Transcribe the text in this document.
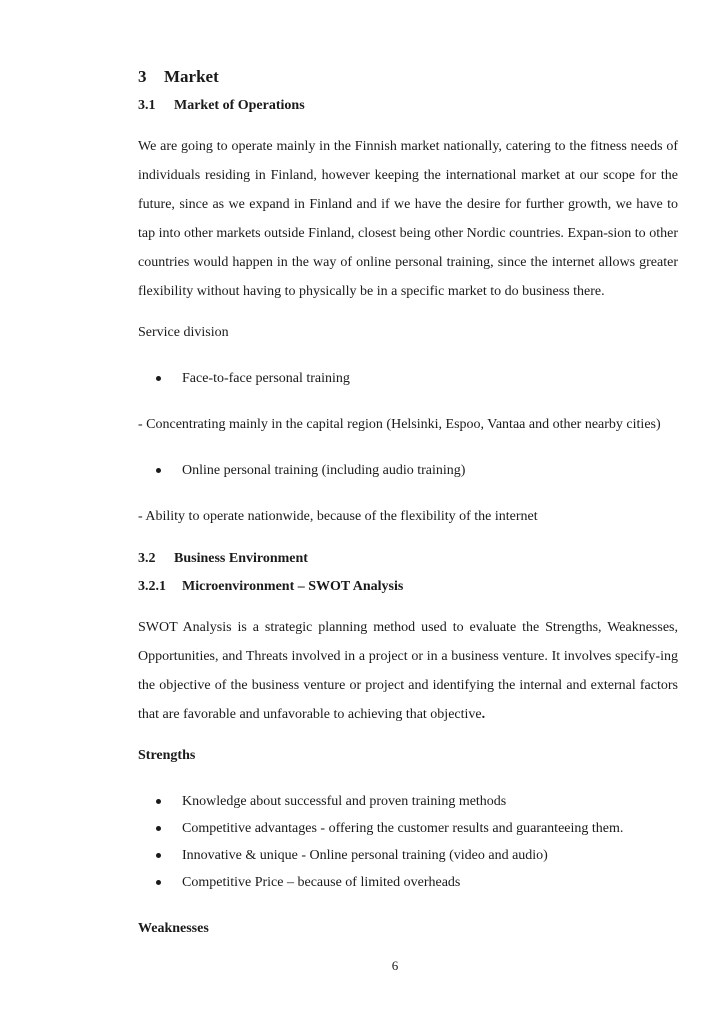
3 Market
3.1 Market of Operations

We are going to operate mainly in the Finnish market nationally, catering to the fitness needs of individuals residing in Finland, however keeping the international market at our scope for the future, since as we expand in Finland and if we have the desire for further growth, we have to tap into other markets outside Finland, closest being other Nordic countries. Expan-sion to other countries would happen in the way of online personal training, since the internet allows greater flexibility without having to physically be in a specific market to do business there.

Service division

Face-to-face personal training

- Concentrating mainly in the capital region (Helsinki, Espoo, Vantaa and other nearby cities)

Online personal training (including audio training)

- Ability to operate nationwide, because of the flexibility of the internet

3.2 Business Environment
3.2.1 Microenvironment – SWOT Analysis

SWOT Analysis is a strategic planning method used to evaluate the Strengths, Weaknesses, Opportunities, and Threats involved in a project or in a business venture. It involves specify-ing the objective of the business venture or project and identifying the internal and external factors that are favorable and unfavorable to achieving that objective.

Strengths

Knowledge about successful and proven training methods
Competitive advantages - offering the customer results and guaranteeing them.
Innovative & unique - Online personal training (video and audio)
Competitive Price – because of limited overheads

Weaknesses

6
